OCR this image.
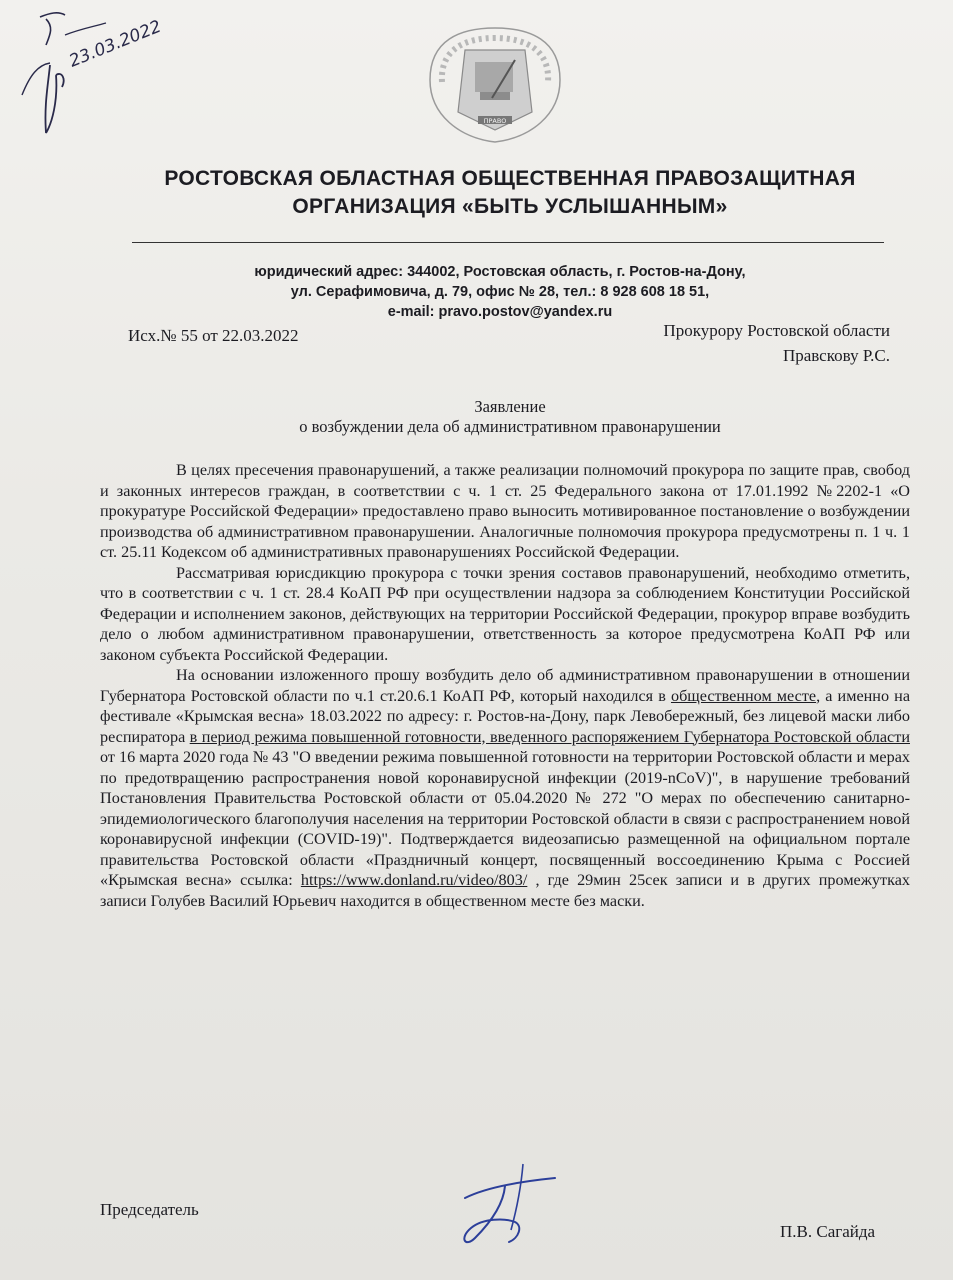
23.03.2022
ПРАВО
РОСТОВСКАЯ ОБЛАСТНАЯ ОБЩЕСТВЕННАЯ ПРАВОЗАЩИТНАЯ
ОРГАНИЗАЦИЯ «БЫТЬ УСЛЫШАННЫМ»
юридический адрес: 344002, Ростовская область, г. Ростов-на-Дону,
ул. Серафимовича, д. 79, офис № 28, тел.: 8 928 608 18 51,
e-mail: pravo.postov@yandex.ru
Исх.№ 55 от 22.03.2022	Прокурору Ростовской области
Правскову Р.С.
Заявление
о возбуждении дела об административном правонарушении

В целях пресечения правонарушений, а также реализации полномочий прокурора по защите прав, свобод и законных интересов граждан, в соответствии с ч. 1 ст. 25 Федерального закона от 17.01.1992 №2202-1 «О прокуратуре Российской Федерации» предоставлено право выносить мотивированное постановление о возбуждении производства об административном правонарушении. Аналогичные полномочия прокурора предусмотрены п. 1 ч. 1 ст. 25.11 Кодексом об административных правонарушениях Российской Федерации.

Рассматривая юрисдикцию прокурора с точки зрения составов правонарушений, необходимо отметить, что в соответствии с ч. 1 ст. 28.4 КоАП РФ при осуществлении надзора за соблюдением Конституции Российской Федерации и исполнением законов, действующих на территории Российской Федерации, прокурор вправе возбудить дело о любом административном правонарушении, ответственность за которое предусмотрена КоАП РФ или законом субъекта Российской Федерации.

На основании изложенного прошу возбудить дело об административном правонарушении в отношении Губернатора Ростовской области по ч.1 ст.20.6.1 КоАП РФ, который находился в общественном месте, а именно на фестивале «Крымская весна» 18.03.2022 по адресу: г. Ростов-на-Дону, парк Левобережный, без лицевой маски либо респиратора в период режима повышенной готовности, введенного распоряжением Губернатора Ростовской области от 16 марта 2020 года № 43 "О введении режима повышенной готовности на территории Ростовской области и мерах по предотвращению распространения новой коронавирусной инфекции (2019-nCoV)", в нарушение требований Постановления Правительства Ростовской области от 05.04.2020 № 272 "О мерах по обеспечению санитарно-эпидемиологического благополучия населения на территории Ростовской области в связи с распространением новой коронавирусной инфекции (COVID-19)". Подтверждается видеозаписью размещенной на официальном портале правительства Ростовской области «Праздничный концерт, посвященный воссоединению Крыма с Россией «Крымская весна» ссылка: https://www.donland.ru/video/803/ , где 29мин 25сек записи и в других промежутках записи Голубев Василий Юрьевич находится в общественном месте без маски.

Председатель
П.В. Сагайда
